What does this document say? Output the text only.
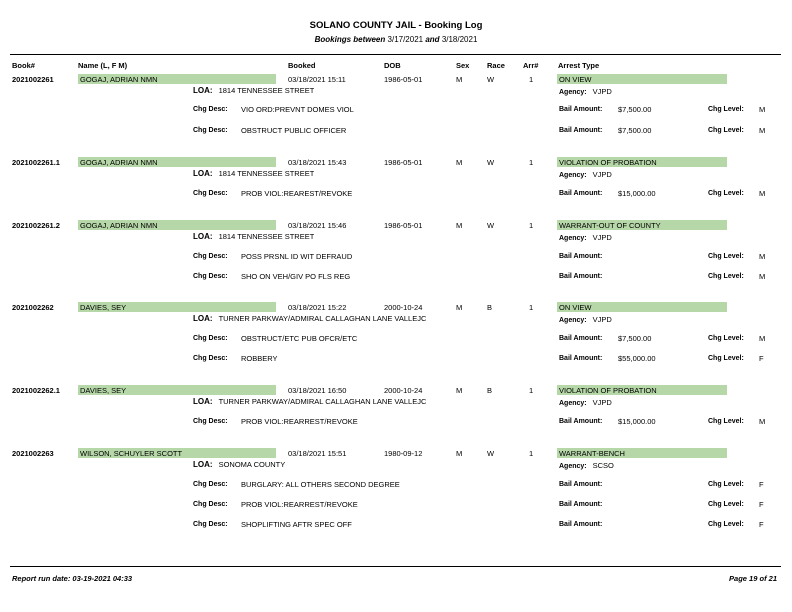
SOLANO COUNTY JAIL - Booking Log
Bookings between 3/17/2021 and 3/18/2021
Book#	Name (L, F M)	Booked	DOB	Sex Race Arr#	Arrest Type
2021002261	GOGAJ, ADRIAN NMN	03/18/2021 15:11	1986-05-01	M	W	1	ON VIEW
LOA: 1814 TENNESSEE STREET	Agency: VJPD
Chg Desc: VIO ORD:PREVNT DOMES VIOL	Bail Amount: $7,500.00	Chg Level: M
Chg Desc: OBSTRUCT PUBLIC OFFICER	Bail Amount: $7,500.00	Chg Level: M
2021002261.1	GOGAJ, ADRIAN NMN	03/18/2021 15:43	1986-05-01	M	W	1	VIOLATION OF PROBATION
LOA: 1814 TENNESSEE STREET	Agency: VJPD
Chg Desc: PROB VIOL:REAREST/REVOKE	Bail Amount: $15,000.00	Chg Level: M
2021002261.2	GOGAJ, ADRIAN NMN	03/18/2021 15:46	1986-05-01	M	W	1	WARRANT-OUT OF COUNTY
LOA: 1814 TENNESSEE STREET	Agency: VJPD
Chg Desc: POSS PRSNL ID WIT DEFRAUD	Bail Amount:	Chg Level: M
Chg Desc: SHO ON VEH/GIV PO FLS REG	Bail Amount:	Chg Level: M
2021002262	DAVIES, SEY	03/18/2021 15:22	2000-10-24	M	B	1	ON VIEW
LOA: TURNER PARKWAY/ADMIRAL CALLAGHAN LANE VALLEJC	Agency: VJPD
Chg Desc: OBSTRUCT/ETC PUB OFCR/ETC	Bail Amount: $7,500.00	Chg Level: M
Chg Desc: ROBBERY	Bail Amount: $55,000.00	Chg Level: F
2021002262.1	DAVIES, SEY	03/18/2021 16:50	2000-10-24	M	B	1	VIOLATION OF PROBATION
LOA: TURNER PARKWAY/ADMIRAL CALLAGHAN LANE VALLEJC	Agency: VJPD
Chg Desc: PROB VIOL:REARREST/REVOKE	Bail Amount: $15,000.00	Chg Level: M
2021002263	WILSON, SCHUYLER SCOTT	03/18/2021 15:51	1980-09-12	M	W	1	WARRANT-BENCH
LOA: SONOMA COUNTY	Agency: SCSO
Chg Desc: BURGLARY: ALL OTHERS SECOND DEGREE	Bail Amount:	Chg Level: F
Chg Desc: PROB VIOL:REARREST/REVOKE	Bail Amount:	Chg Level: F
Chg Desc: SHOPLIFTING AFTR SPEC OFF	Bail Amount:	Chg Level: F
Report run date: 03-19-2021 04:33	Page 19 of 21
